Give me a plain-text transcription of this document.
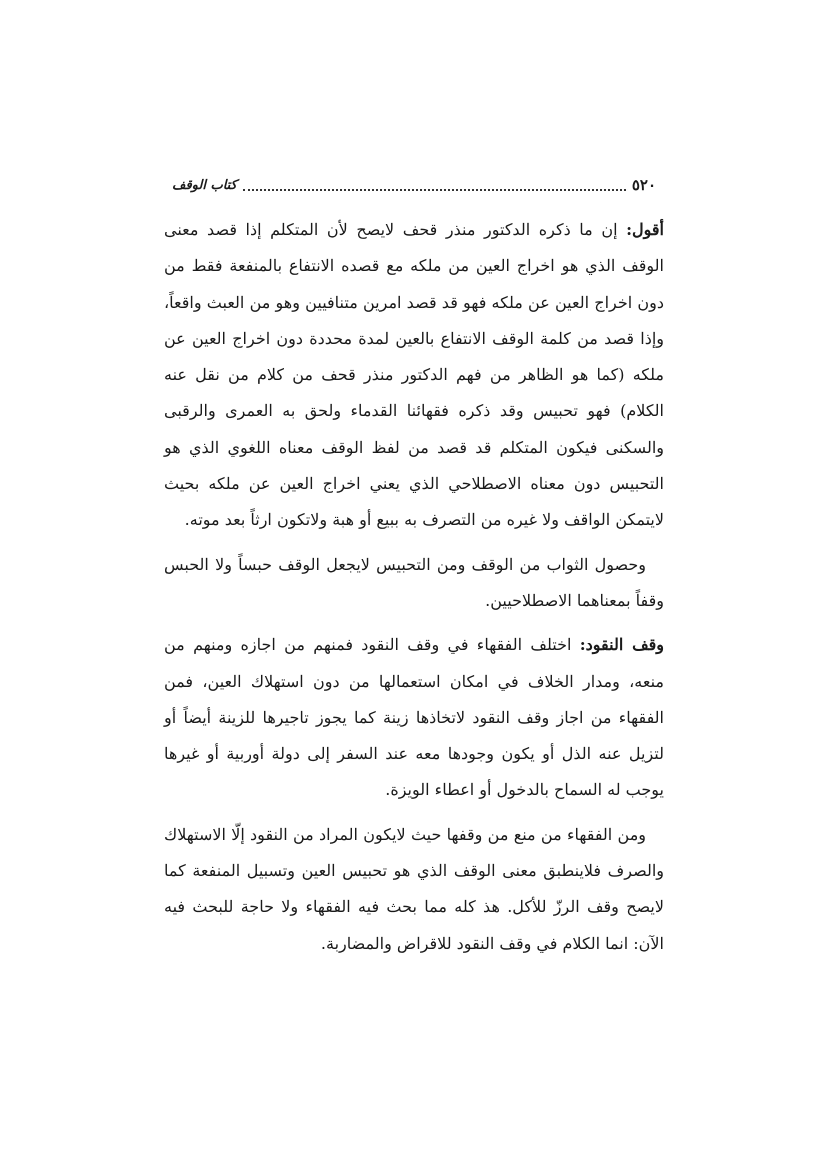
٥٢٠
كتاب الوقف

أقول: إن ما ذكره الدكتور منذر قحف لايصح لأن المتكلم إذا قصد معنى الوقف الذي هو اخراج العين من ملكه مع قصده الانتفاع بالمنفعة فقط من دون اخراج العين عن ملكه فهو قد قصد امرين متنافيين وهو من العبث واقعاً، وإذا قصد من كلمة الوقف الانتفاع بالعين لمدة محددة دون اخراج العين عن ملكه (كما هو الظاهر من فهم الدكتور منذر قحف من كلام من نقل عنه الكلام) فهو تحبيس وقد ذكره فقهائنا القدماء ولحق به العمرى والرقبى والسكنى فيكون المتكلم قد قصد من لفظ الوقف معناه اللغوي الذي هو التحبيس دون معناه الاصطلاحي الذي يعني اخراج العين عن ملكه بحيث لايتمكن الواقف ولا غيره من التصرف به ببيع أو هبة ولاتكون ارثاً بعد موته.

وحصول الثواب من الوقف ومن التحبيس لايجعل الوقف حبساً ولا الحبس وقفاً بمعناهما الاصطلاحيين.

وقف النقود: اختلف الفقهاء في وقف النقود فمنهم من اجازه ومنهم من منعه، ومدار الخلاف في امكان استعمالها من دون استهلاك العين، فمن الفقهاء من اجاز وقف النقود لاتخاذها زينة كما يجوز تاجيرها للزينة أيضاً أو لتزيل عنه الذل أو يكون وجودها معه عند السفر إلى دولة أوربية أو غيرها يوجب له السماح بالدخول أو اعطاء الويزة.

ومن الفقهاء من منع من وقفها حيث لايكون المراد من النقود إلّا الاستهلاك والصرف فلاينطبق معنى الوقف الذي هو تحبيس العين وتسبيل المنفعة كما لايصح وقف الرزّ للأكل. هذ كله مما بحث فيه الفقهاء ولا حاجة للبحث فيه الآن: انما الكلام في وقف النقود للاقراض والمضاربة.
